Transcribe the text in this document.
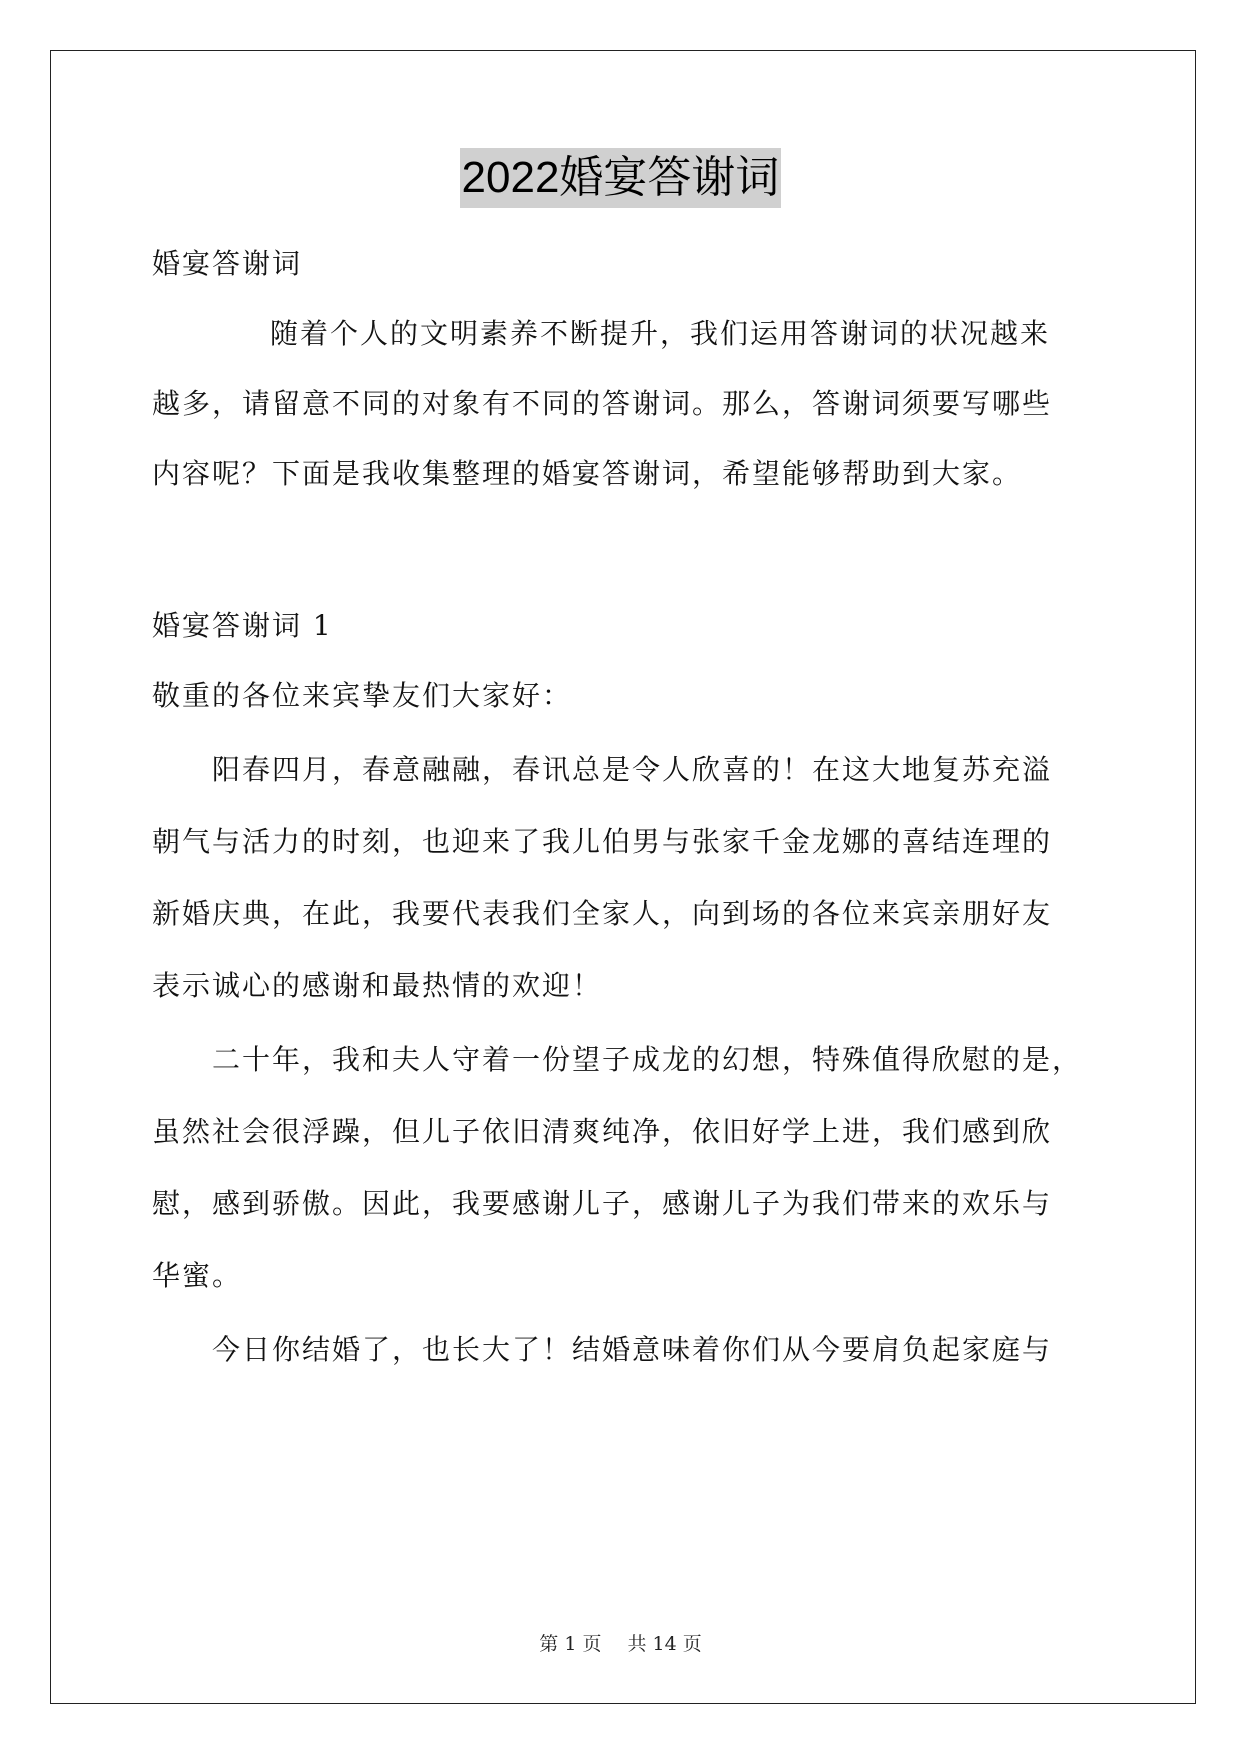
2022婚宴答谢词
婚宴答谢词
随着个人的文明素养不断提升，我们运用答谢词的状况越来
越多，请留意不同的对象有不同的答谢词。那么，答谢词须要写哪些
内容呢？下面是我收集整理的婚宴答谢词，希望能够帮助到大家。
婚宴答谢词 1
敬重的各位来宾挚友们大家好：
阳春四月，春意融融，春讯总是令人欣喜的！在这大地复苏充溢
朝气与活力的时刻，也迎来了我儿伯男与张家千金龙娜的喜结连理的
新婚庆典，在此，我要代表我们全家人，向到场的各位来宾亲朋好友
表示诚心的感谢和最热情的欢迎！
二十年，我和夫人守着一份望子成龙的幻想，特殊值得欣慰的是，
虽然社会很浮躁，但儿子依旧清爽纯净，依旧好学上进，我们感到欣
慰，感到骄傲。因此，我要感谢儿子，感谢儿子为我们带来的欢乐与
华蜜。
今日你结婚了，也长大了！结婚意味着你们从今要肩负起家庭与
第 1 页 共 14 页
